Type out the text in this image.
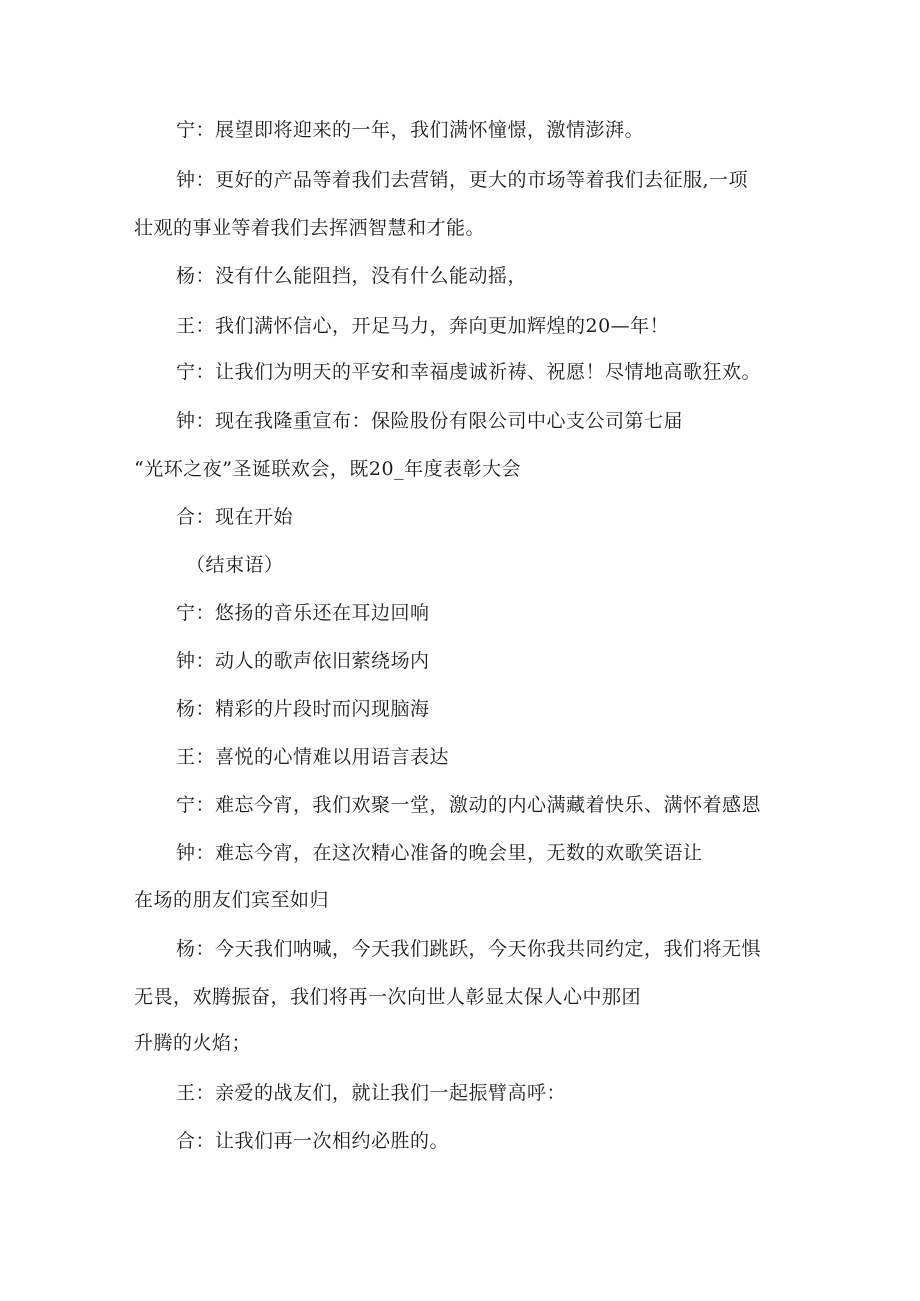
宁：展望即将迎来的一年，我们满怀憧憬，激情澎湃。
钟：更好的产品等着我们去营销，更大的市场等着我们去征服,一项
壮观的事业等着我们去挥洒智慧和才能。
杨：没有什么能阻挡，没有什么能动摇，
王：我们满怀信心，开足马力，奔向更加辉煌的20—年！
宁：让我们为明天的平安和幸福虔诚祈祷、祝愿！尽情地高歌狂欢。
钟：现在我隆重宣布：保险股份有限公司中心支公司第七届
“光环之夜”圣诞联欢会，既20_年度表彰大会
合：现在开始
（结束语）
宁：悠扬的音乐还在耳边回响
钟：动人的歌声依旧萦绕场内
杨：精彩的片段时而闪现脑海
王：喜悦的心情难以用语言表达
宁：难忘今宵，我们欢聚一堂，激动的内心满藏着快乐、满怀着感恩
钟：难忘今宵，在这次精心准备的晚会里，无数的欢歌笑语让
在场的朋友们宾至如归
杨：今天我们呐喊，今天我们跳跃，今天你我共同约定，我们将无惧
无畏，欢腾振奋，我们将再一次向世人彰显太保人心中那团
升腾的火焰；
王：亲爱的战友们，就让我们一起振臂高呼：
合：让我们再一次相约必胜的。
